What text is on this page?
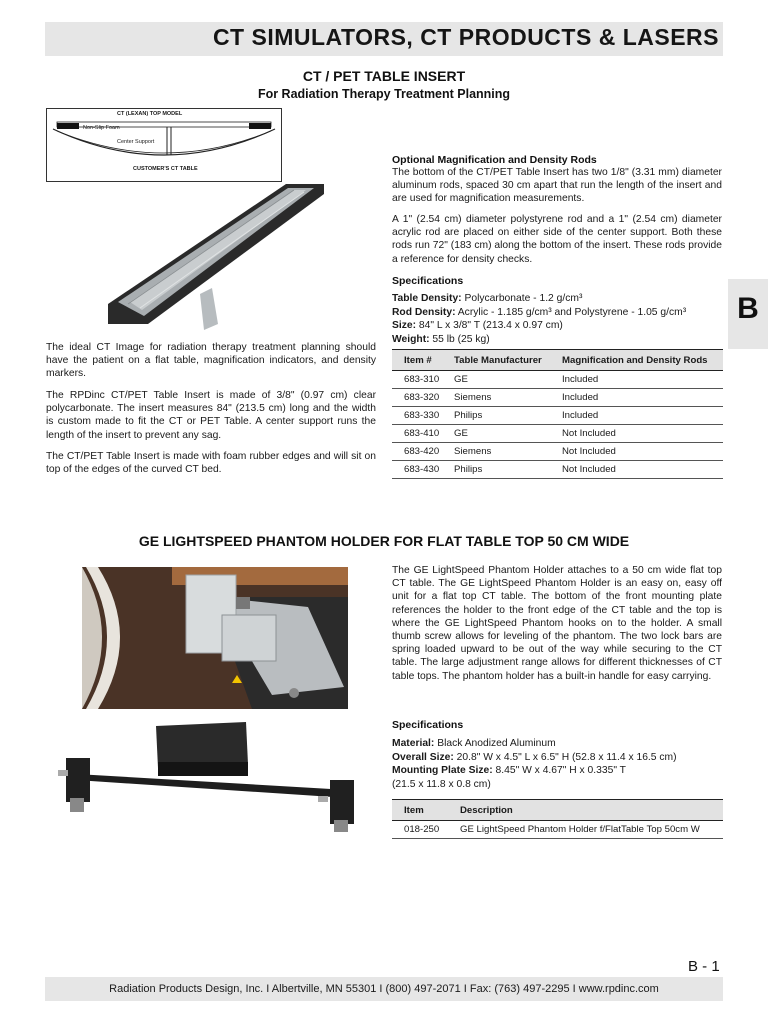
CT SIMULATORS, CT PRODUCTS & LASERS
B
CT / PET TABLE INSERT
For Radiation Therapy Treatment Planning
CT (LEXAN) TOP MODEL
Non-Slip Foam
Center Support
CUSTOMER'S CT TABLE
The ideal CT Image for radiation therapy treatment planning should have the patient on a flat table, magnification indicators, and density markers.
The RPDinc CT/PET Table Insert is made of 3/8" (0.97 cm) clear polycarbonate. The insert measures 84" (213.5 cm) long and the width is custom made to fit the CT or PET Table. A center support runs the length of the insert to prevent any sag.
The CT/PET Table Insert is made with foam rubber edges and will sit on top of the edges of the curved CT bed.
Optional Magnification and Density Rods
The bottom of the CT/PET Table Insert has two 1/8" (3.31 mm) diameter aluminum rods, spaced 30 cm apart that run the length of the insert and are used for magnification measurements.
A 1" (2.54 cm) diameter polystyrene rod and a 1" (2.54 cm) diameter acrylic rod are placed on either side of the center support. Both these rods run 72" (183 cm) along the bottom of the insert. These rods provide a reference for density checks.
Specifications
Table Density: Polycarbonate - 1.2 g/cm³
Rod Density: Acrylic - 1.185 g/cm³ and Polystyrene - 1.05 g/cm³
Size: 84" L x 3/8" T (213.4 x 0.97 cm)
Weight: 55 lb (25 kg)
Item #	Table Manufacturer	Magnification and Density Rods
683-310	GE	Included
683-320	Siemens	Included
683-330	Philips	Included
683-410	GE	Not Included
683-420	Siemens	Not Included
683-430	Philips	Not Included
GE LIGHTSPEED PHANTOM HOLDER FOR FLAT TABLE TOP 50 CM WIDE
The GE LightSpeed Phantom Holder attaches to a 50 cm wide flat top CT table. The GE LightSpeed Phantom Holder is an easy on, easy off unit for a flat top CT table. The bottom of the front mounting plate references the holder to the front edge of the CT table and the top is where the GE LightSpeed Phantom hooks on to the holder. A small thumb screw allows for leveling of the phantom. The two lock bars are spring loaded upward to be out of the way while securing to the CT table. The large adjustment range allows for different thicknesses of CT table tops. The phantom holder has a built-in handle for easy carrying.
Specifications
Material: Black Anodized Aluminum
Overall Size: 20.8" W x 4.5" L x 6.5" H (52.8 x 11.4 x 16.5 cm)
Mounting Plate Size: 8.45" W x 4.67" H x 0.335" T
(21.5 x 11.8 x 0.8 cm)
Item	Description
018-250	GE LightSpeed Phantom Holder f/FlatTable Top 50cm W
B - 1
Radiation Products Design, Inc. I Albertville, MN 55301 I (800) 497-2071 I Fax: (763) 497-2295 I www.rpdinc.com
